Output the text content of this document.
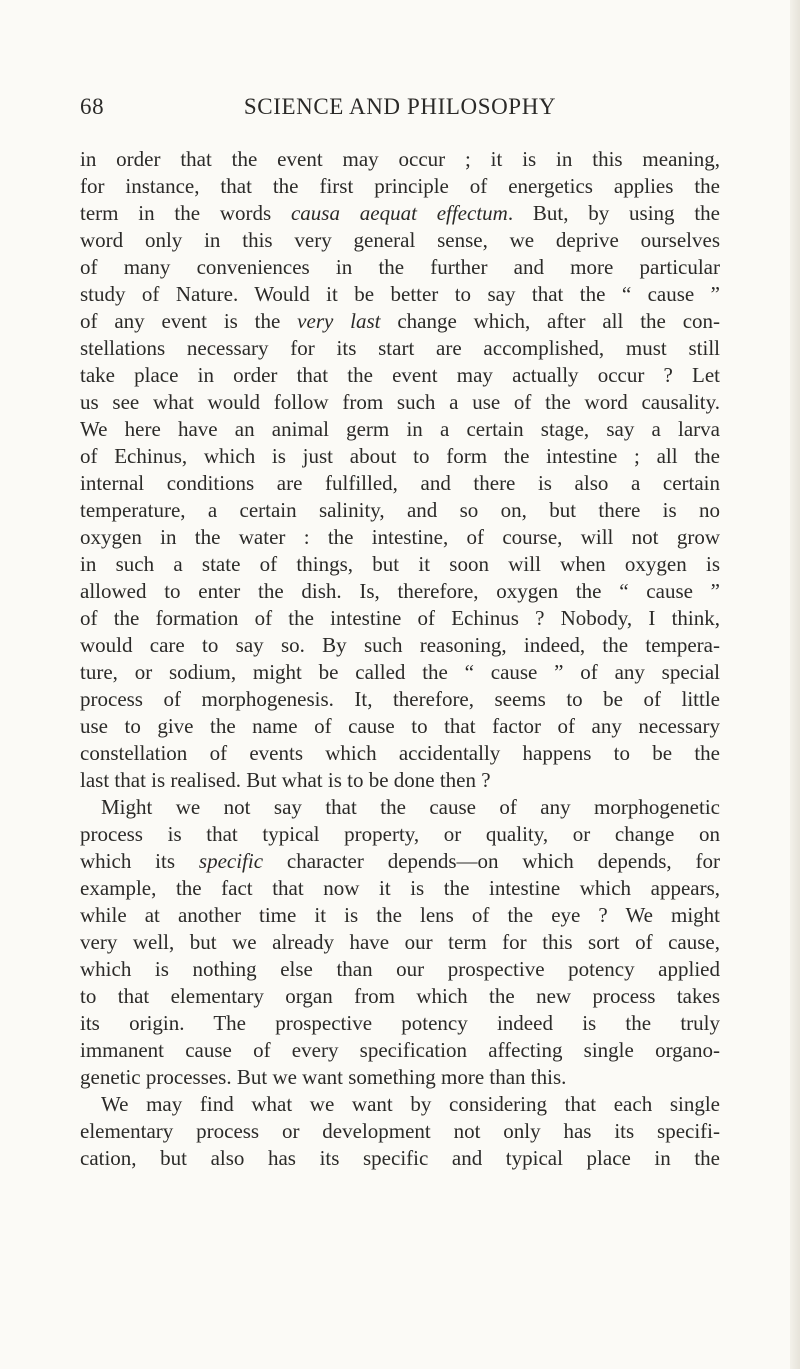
68	SCIENCE AND PHILOSOPHY
in order that the event may occur ; it is in this meaning,
for instance, that the first principle of energetics applies the
term in the words causa aequat effectum. But, by using the
word only in this very general sense, we deprive ourselves
of many conveniences in the further and more particular
study of Nature. Would it be better to say that the “ cause ”
of any event is the very last change which, after all the con-
stellations necessary for its start are accomplished, must still
take place in order that the event may actually occur ? Let
us see what would follow from such a use of the word causality.
We here have an animal germ in a certain stage, say a larva
of Echinus, which is just about to form the intestine ; all the
internal conditions are fulfilled, and there is also a certain
temperature, a certain salinity, and so on, but there is no
oxygen in the water : the intestine, of course, will not grow
in such a state of things, but it soon will when oxygen is
allowed to enter the dish. Is, therefore, oxygen the “ cause ”
of the formation of the intestine of Echinus ? Nobody, I think,
would care to say so. By such reasoning, indeed, the tempera-
ture, or sodium, might be called the “ cause ” of any special
process of morphogenesis. It, therefore, seems to be of little
use to give the name of cause to that factor of any necessary
constellation of events which accidentally happens to be the
last that is realised. But what is to be done then ?
Might we not say that the cause of any morphogenetic
process is that typical property, or quality, or change on
which its specific character depends—on which depends, for
example, the fact that now it is the intestine which appears,
while at another time it is the lens of the eye ? We might
very well, but we already have our term for this sort of cause,
which is nothing else than our prospective potency applied
to that elementary organ from which the new process takes
its origin. The prospective potency indeed is the truly
immanent cause of every specification affecting single organo-
genetic processes. But we want something more than this.
We may find what we want by considering that each single
elementary process or development not only has its specifi-
cation, but also has its specific and typical place in the
